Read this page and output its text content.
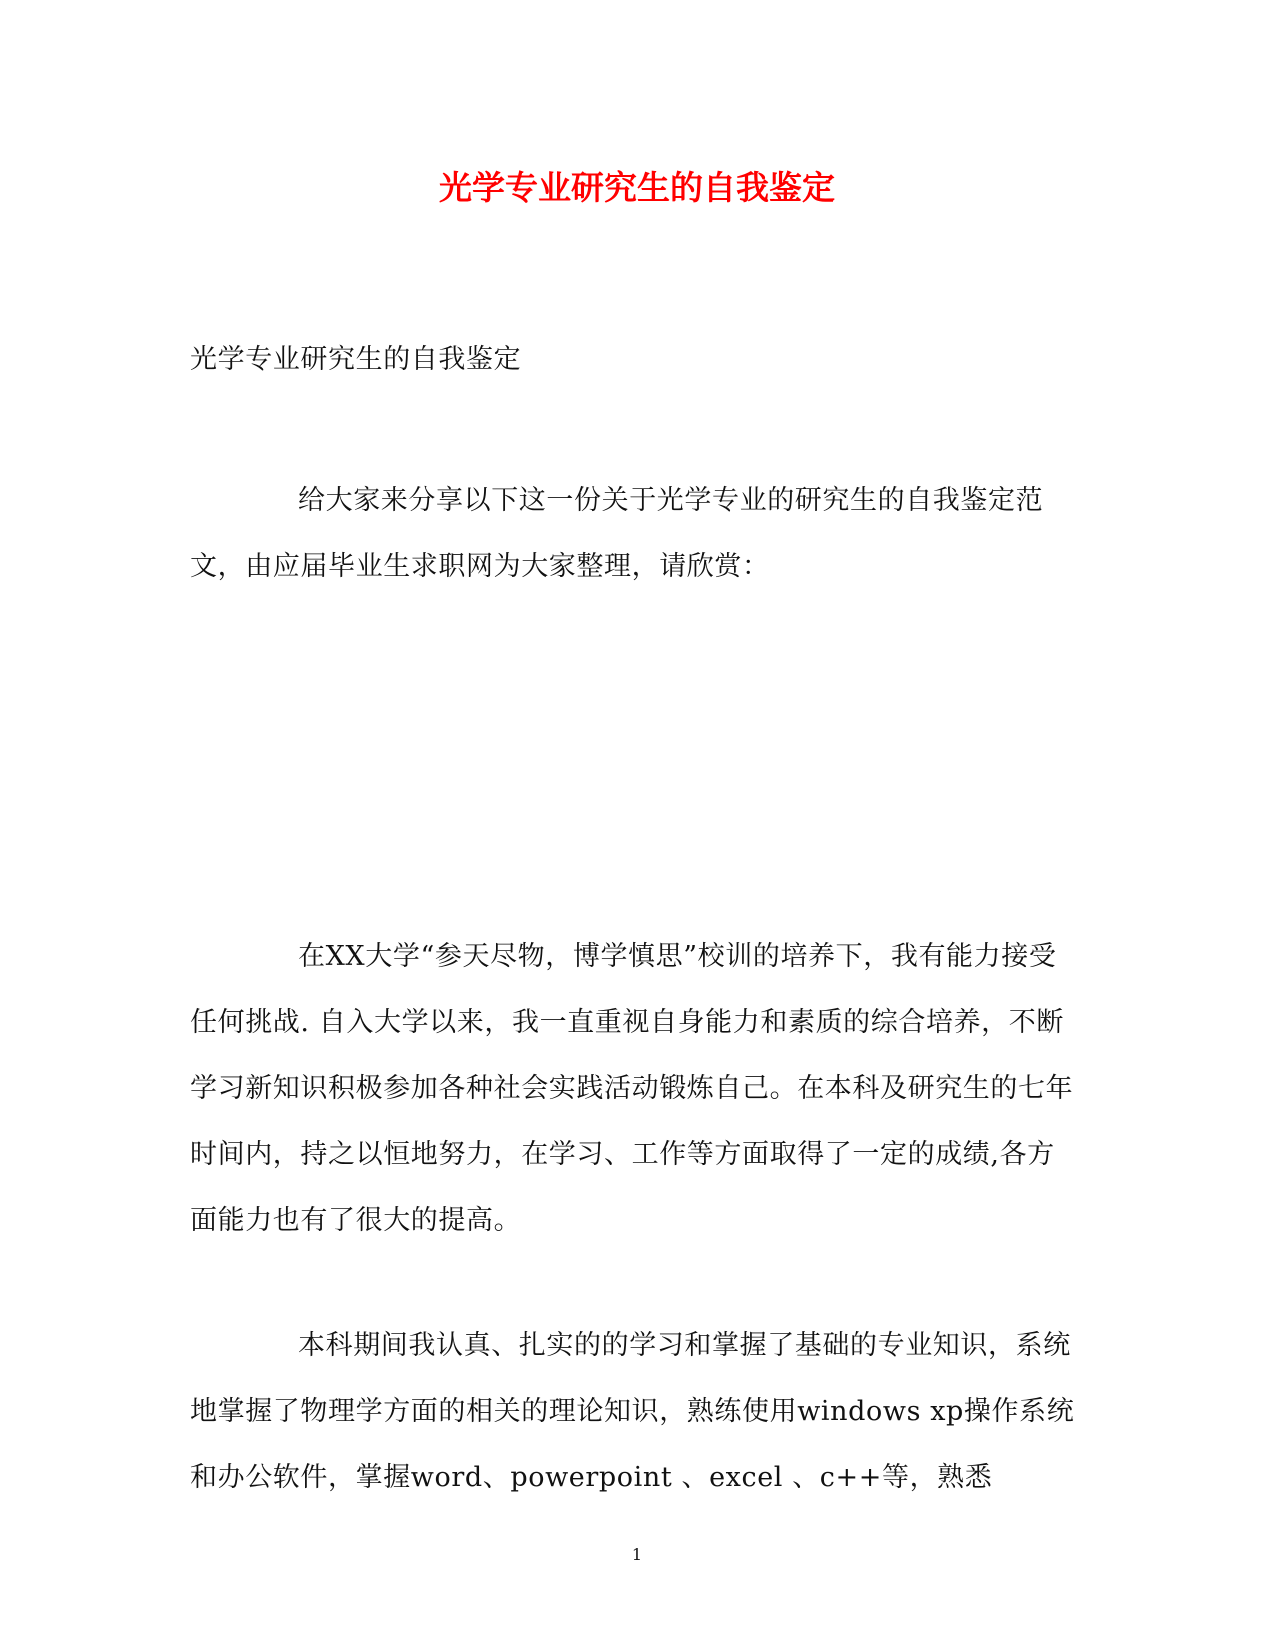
光学专业研究生的自我鉴定

光学专业研究生的自我鉴定

给大家来分享以下这一份关于光学专业的研究生的自我鉴定范文，由应届毕业生求职网为大家整理，请欣赏：

在XX大学“参天尽物，博学慎思”校训的培养下，我有能力接受任何挑战. 自入大学以来，我一直重视自身能力和素质的综合培养，不断学习新知识积极参加各种社会实践活动锻炼自己。在本科及研究生的七年时间内，持之以恒地努力，在学习、工作等方面取得了一定的成绩,各方面能力也有了很大的提高。

本科期间我认真、扎实的的学习和掌握了基础的专业知识，系统地掌握了物理学方面的相关的理论知识，熟练使用windows xp操作系统和办公软件，掌握word、powerpoint 、excel 、c++等，熟悉

1
